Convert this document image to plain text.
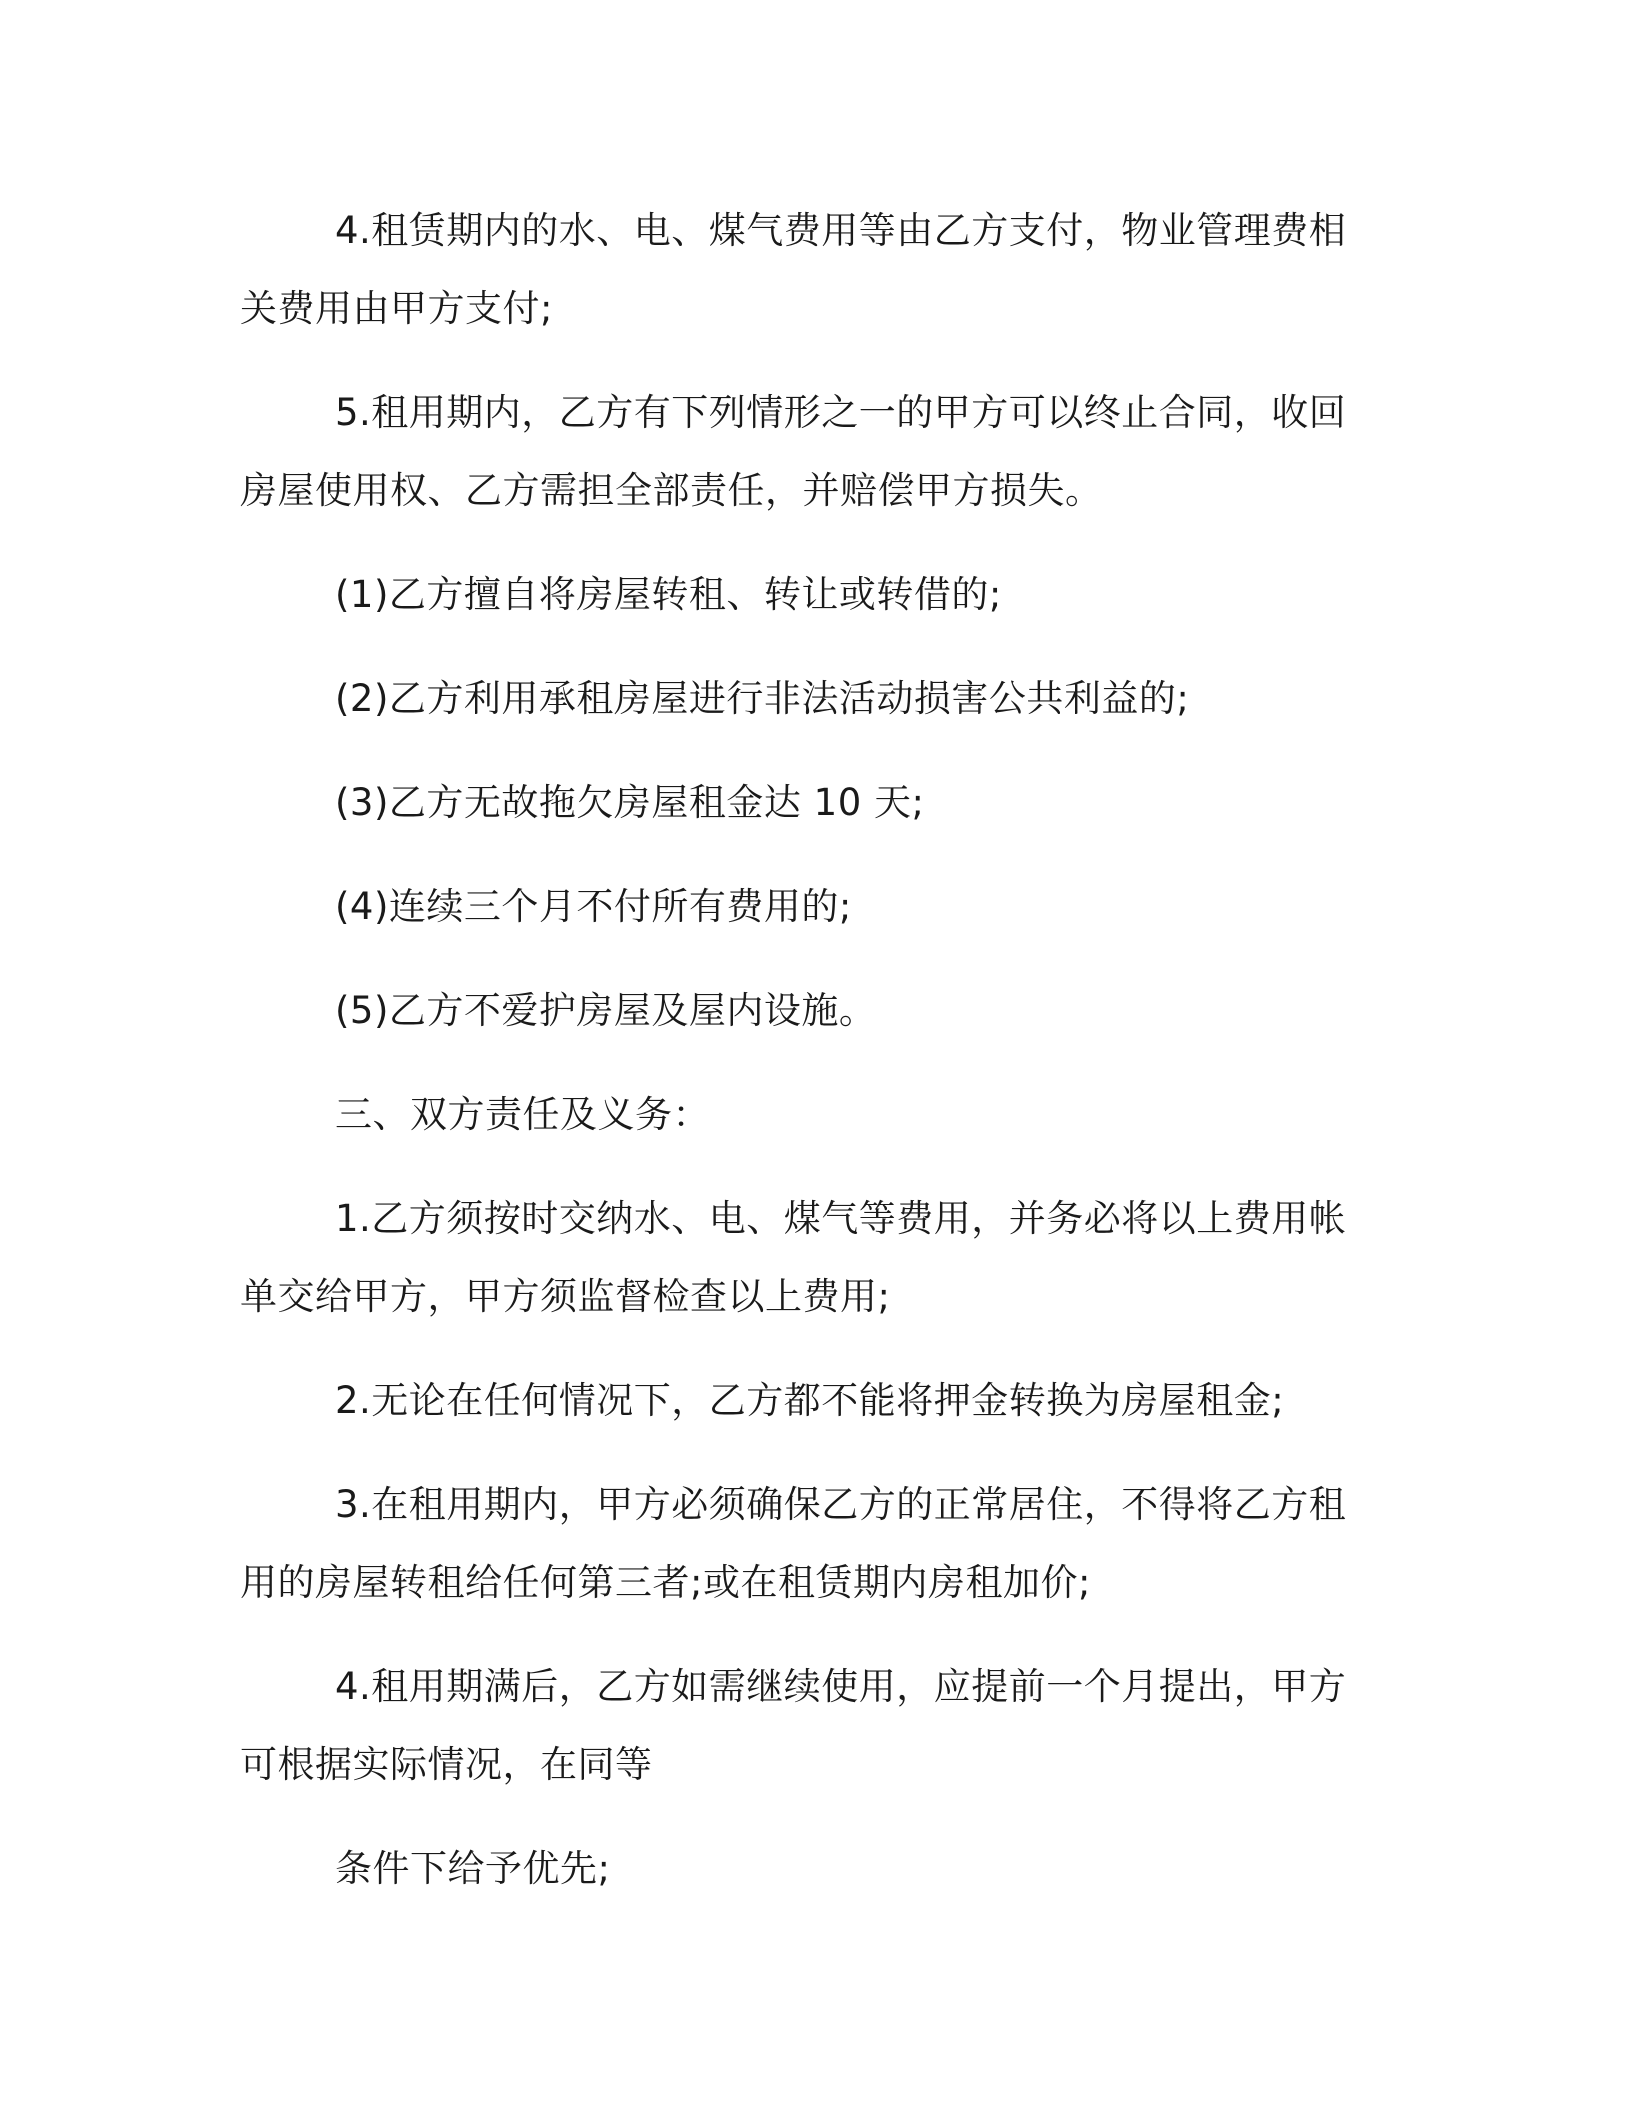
4.租赁期内的水、电、煤气费用等由乙方支付，物业管理费相关费用由甲方支付;

5.租用期内，乙方有下列情形之一的甲方可以终止合同，收回房屋使用权、乙方需担全部责任，并赔偿甲方损失。

(1)乙方擅自将房屋转租、转让或转借的;

(2)乙方利用承租房屋进行非法活动损害公共利益的;

(3)乙方无故拖欠房屋租金达 10 天;

(4)连续三个月不付所有费用的;

(5)乙方不爱护房屋及屋内设施。

三、双方责任及义务：

1.乙方须按时交纳水、电、煤气等费用，并务必将以上费用帐单交给甲方，甲方须监督检查以上费用;

2.无论在任何情况下，乙方都不能将押金转换为房屋租金;

3.在租用期内，甲方必须确保乙方的正常居住，不得将乙方租用的房屋转租给任何第三者;或在租赁期内房租加价;

4.租用期满后，乙方如需继续使用，应提前一个月提出，甲方可根据实际情况，在同等

条件下给予优先;
